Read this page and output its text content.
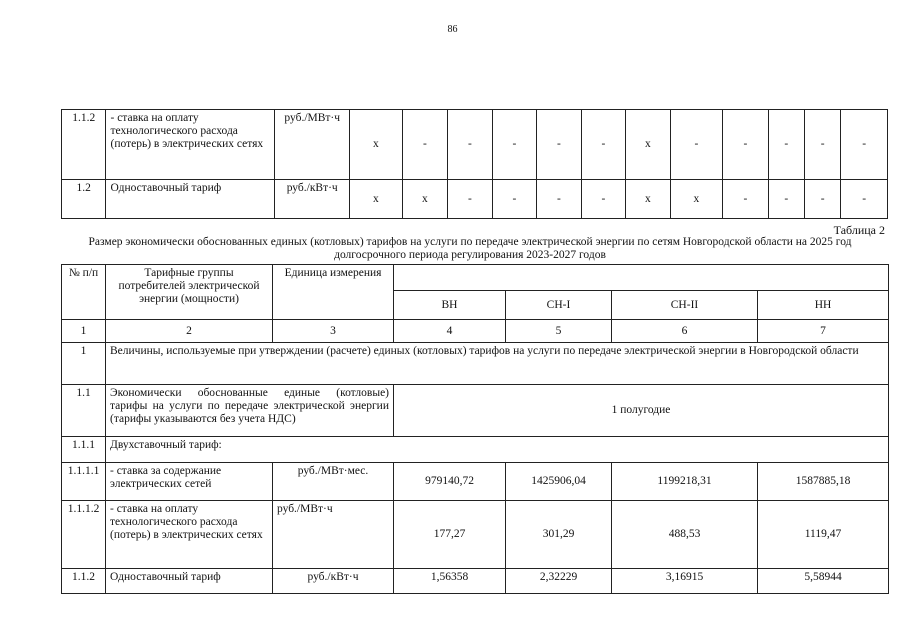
86
1.1.2	- ставка на оплату технологического расхода (потерь) в электрических сетях	руб./МВт·ч	x	-	-	-	-	-	x	-	-	-	-	-
1.2	Одноставочный тариф	руб./кВт·ч	x	x	-	-	-	-	x	x	-	-	-	-
Таблица 2
Размер экономически обоснованных единых (котловых) тарифов на услуги по передаче электрической энергии по сетям Новгородской области на 2025 год долгосрочного периода регулирования 2023-2027 годов
№ п/п	Тарифные группы потребителей электрической энергии (мощности)	Единица измерения				
			ВН	СН-I	СН-II	НН
1	2	3	4	5	6	7
1	Величины, используемые при утверждении (расчете) единых (котловых) тарифов на услуги по передаче электрической энергии в Новгородской области					
1.1	Экономически обоснованные единые (котловые) тарифы на услуги по передаче электрической энергии (тарифы указываются без учета НДС)		1 полугодие			
1.1.1	Двухставочный тариф:					
1.1.1.1	- ставка за содержание электрических сетей	руб./МВт·мес.	979140,72	1425906,04	1199218,31	1587885,18
1.1.1.2	- ставка на оплату технологического расхода (потерь) в электрических сетях	руб./МВт·ч	177,27	301,29	488,53	1119,47
1.1.2	Одноставочный тариф	руб./кВт·ч	1,56358	2,32229	3,16915	5,58944
